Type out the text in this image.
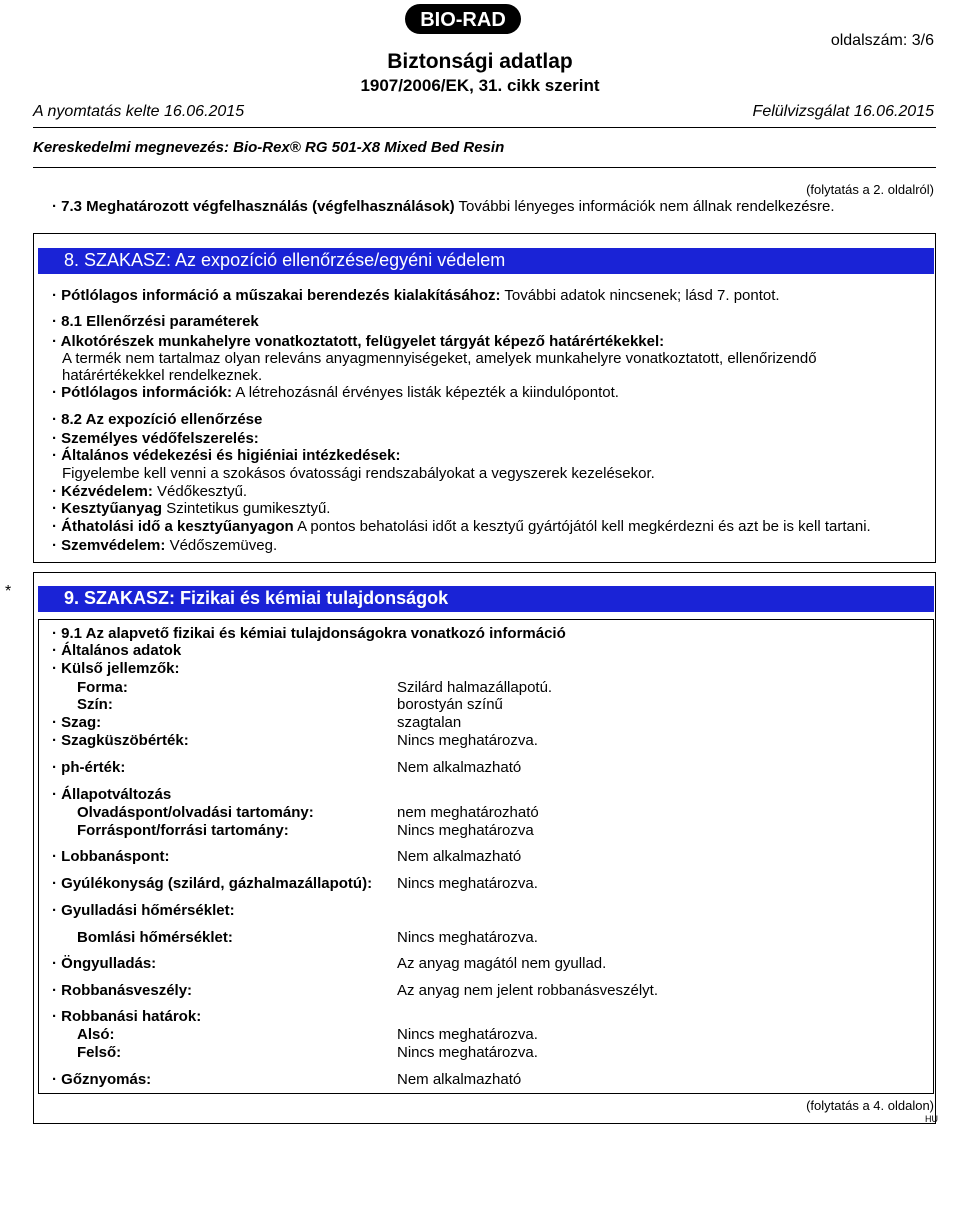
BIO-RAD
oldalszám: 3/6
Biztonsági adatlap
1907/2006/EK, 31. cikk szerint
A nyomtatás kelte 16.06.2015	Felülvizsgálat 16.06.2015
Kereskedelmi megnevezés: Bio-Rex® RG 501-X8 Mixed Bed Resin
(folytatás a 2. oldalról)
· 7.3 Meghatározott végfelhasználás (végfelhasználások) További lényeges információk nem állnak rendelkezésre.
8. SZAKASZ: Az expozíció ellenőrzése/egyéni védelem
· Pótlólagos információ a műszakai berendezés kialakításához: További adatok nincsenek; lásd 7. pontot.
· 8.1 Ellenőrzési paraméterek
· Alkotórészek munkahelyre vonatkoztatott, felügyelet tárgyát képező határértékekkel:
A termék nem tartalmaz olyan releváns anyagmennyiségeket, amelyek munkahelyre vonatkoztatott, ellenőrizendő
határértékekkel rendelkeznek.
· Pótlólagos információk: A létrehozásnál érvényes listák képezték a kiindulópontot.
· 8.2 Az expozíció ellenőrzése
· Személyes védőfelszerelés:
· Általános védekezési és higiéniai intézkedések:
Figyelembe kell venni a szokásos óvatossági rendszabályokat a vegyszerek kezelésekor.
· Kézvédelem: Védőkesztyű.
· Kesztyűanyag Szintetikus gumikesztyű.
· Áthatolási idő a kesztyűanyagon A pontos behatolási időt a kesztyű gyártójától kell megkérdezni és azt be is kell tartani.
· Szemvédelem: Védőszemüveg.
*	9. SZAKASZ: Fizikai és kémiai tulajdonságok
· 9.1 Az alapvető fizikai és kémiai tulajdonságokra vonatkozó információ
· Általános adatok
· Külső jellemzők:
Forma:	Szilárd halmazállapotú.
Szín:	borostyán színű
· Szag:	szagtalan
· Szagküszöbérték:	Nincs meghatározva.
· ph-érték:	Nem alkalmazható
· Állapotváltozás
Olvadáspont/olvadási tartomány:	nem meghatározható
Forráspont/forrási tartomány:	Nincs meghatározva
· Lobbanáspont:	Nem alkalmazható
· Gyúlékonyság (szilárd, gázhalmazállapotú): Nincs meghatározva.
· Gyulladási hőmérséklet:
Bomlási hőmérséklet:	Nincs meghatározva.
· Öngyulladás:	Az anyag magától nem gyullad.
· Robbanásveszély:	Az anyag nem jelent robbanásveszélyt.
· Robbanási határok:
Alsó:	Nincs meghatározva.
Felső:	Nincs meghatározva.
· Gőznyomás:	Nem alkalmazható
(folytatás a 4. oldalon)
HU
